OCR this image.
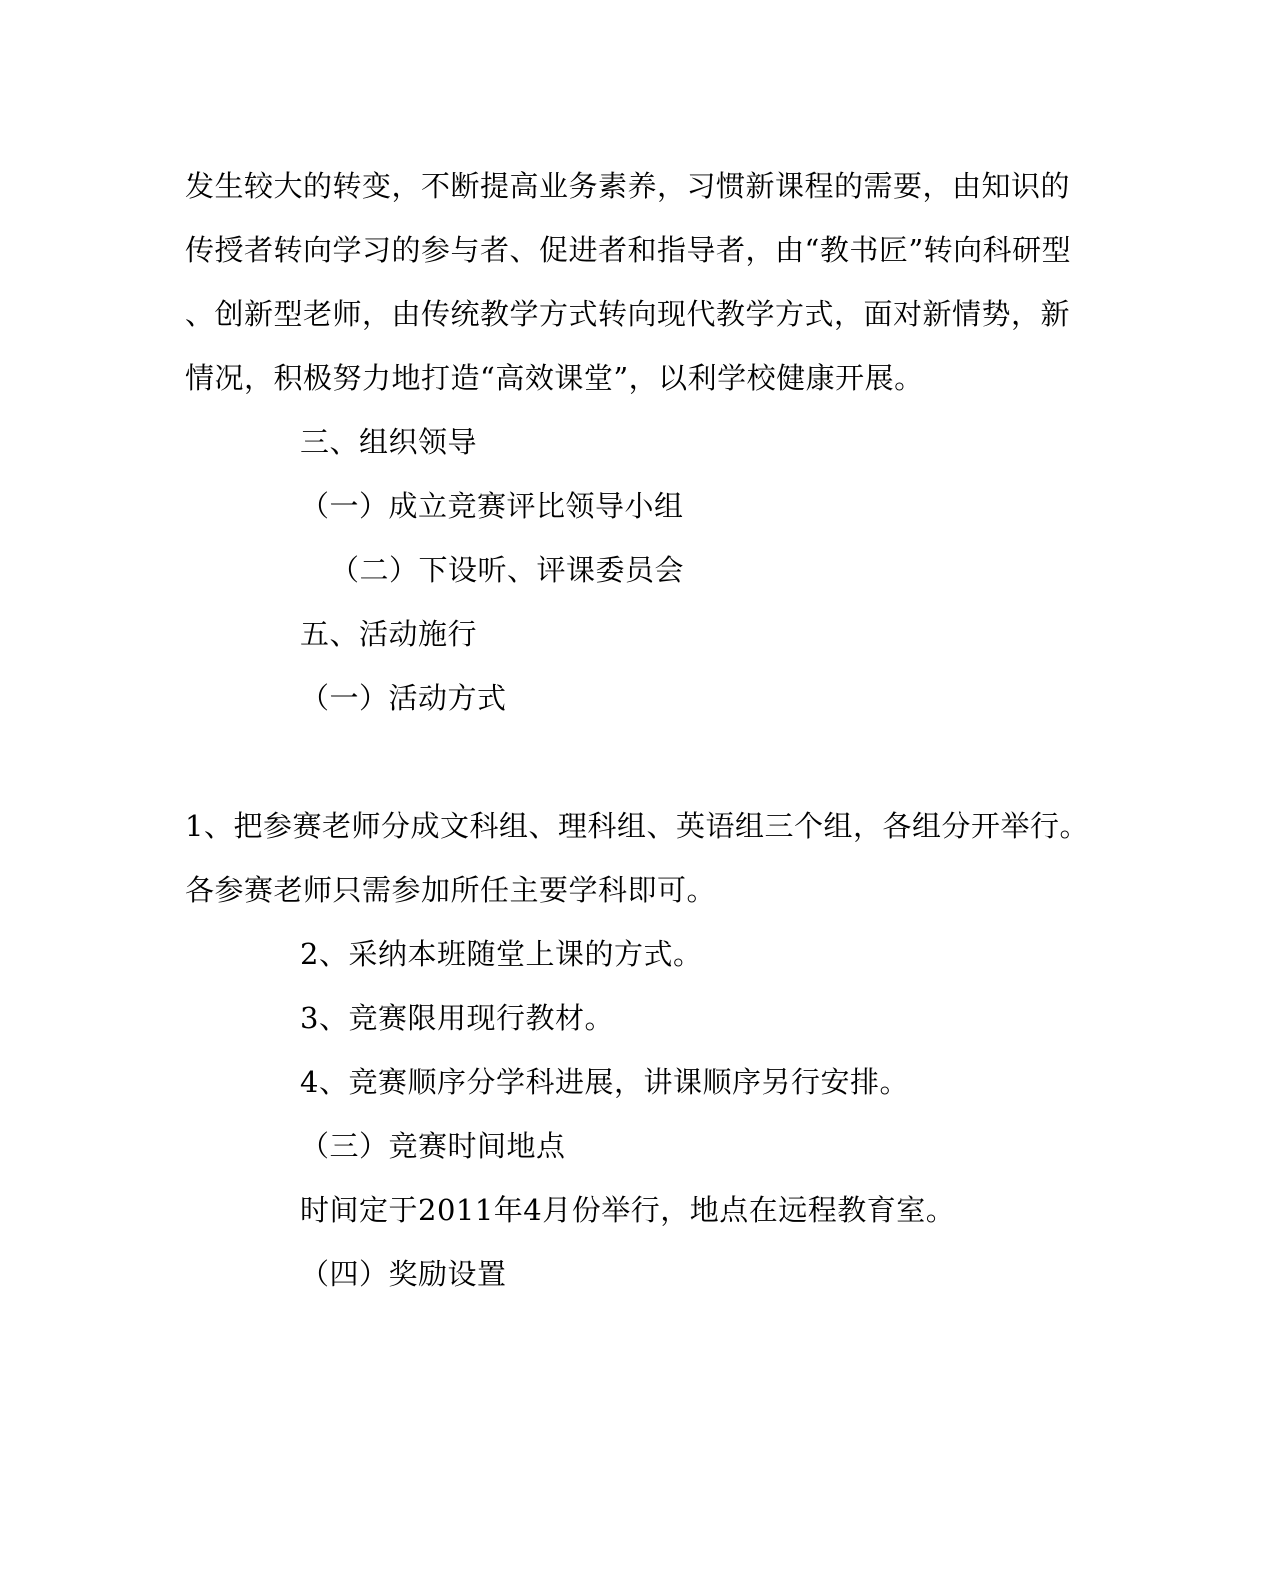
发生较大的转变，不断提高业务素养，习惯新课程的需要，由知识的
传授者转向学习的参与者、促进者和指导者，由“教书匠”转向科研型
、创新型老师，由传统教学方式转向现代教学方式，面对新情势，新
情况，积极努力地打造“高效课堂”，以利学校健康开展。
三、组织领导
（一）成立竞赛评比领导小组
（二）下设听、评课委员会
五、活动施行
（一）活动方式
1、把参赛老师分成文科组、理科组、英语组三个组，各组分开举行。
各参赛老师只需参加所任主要学科即可。
2、采纳本班随堂上课的方式。
3、竞赛限用现行教材。
4、竞赛顺序分学科进展，讲课顺序另行安排。
（三）竞赛时间地点
时间定于2011年4月份举行，地点在远程教育室。
（四）奖励设置
